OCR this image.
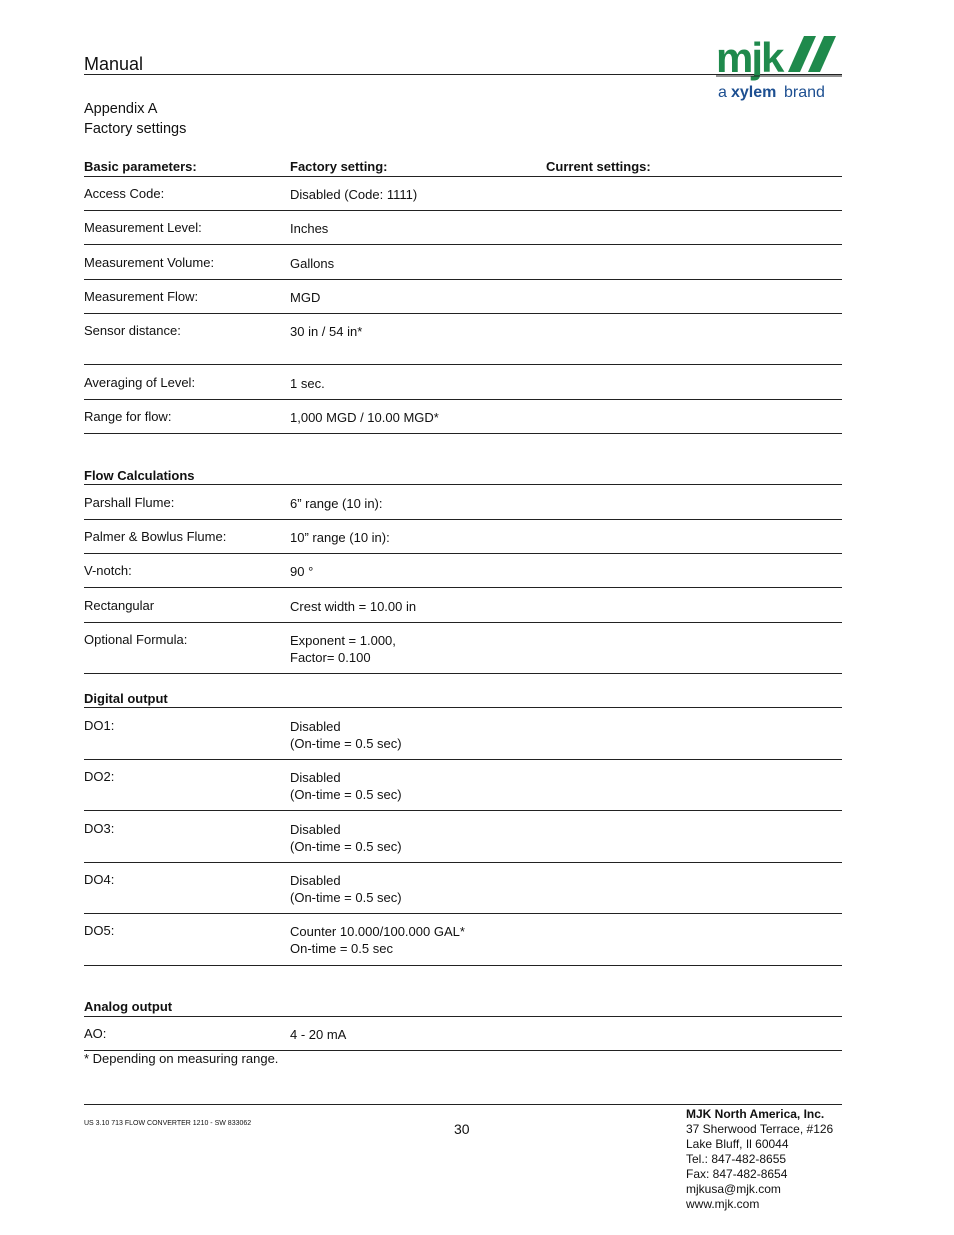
Manual	mjk
a xylem brand
Appendix A
Factory settings
Basic parameters:	Factory setting:	Current settings:
Access Code:	Disabled (Code: 1111)
Measurement Level:	Inches
Measurement Volume:	Gallons
Measurement Flow:	MGD
Sensor distance:	30 in / 54 in*
Averaging of Level:	1 sec.
Range for flow:	1,000 MGD / 10.00 MGD*
Flow Calculations
Parshall Flume:	6” range (10 in):
Palmer & Bowlus Flume:	10” range (10 in):
V-notch:	90 °
Rectangular	Crest width = 10.00 in
Optional Formula:	Exponent = 1.000,
Factor= 0.100
Digital output
DO1:	Disabled
(On-time = 0.5 sec)
DO2:	Disabled
(On-time = 0.5 sec)
DO3:	Disabled
(On-time = 0.5 sec)
DO4:	Disabled
(On-time = 0.5 sec)
DO5:	Counter 10.000/100.000 GAL*
On-time = 0.5 sec
Analog output
AO:	4 - 20 mA
* Depending on measuring range.
US 3.10 713 FLOW CONVERTER 1210 - SW 833062	30
MJK North America, Inc.
37 Sherwood Terrace, #126
Lake Bluff, Il 60044
Tel.: 847-482-8655
Fax: 847-482-8654
mjkusa@mjk.com
www.mjk.com
